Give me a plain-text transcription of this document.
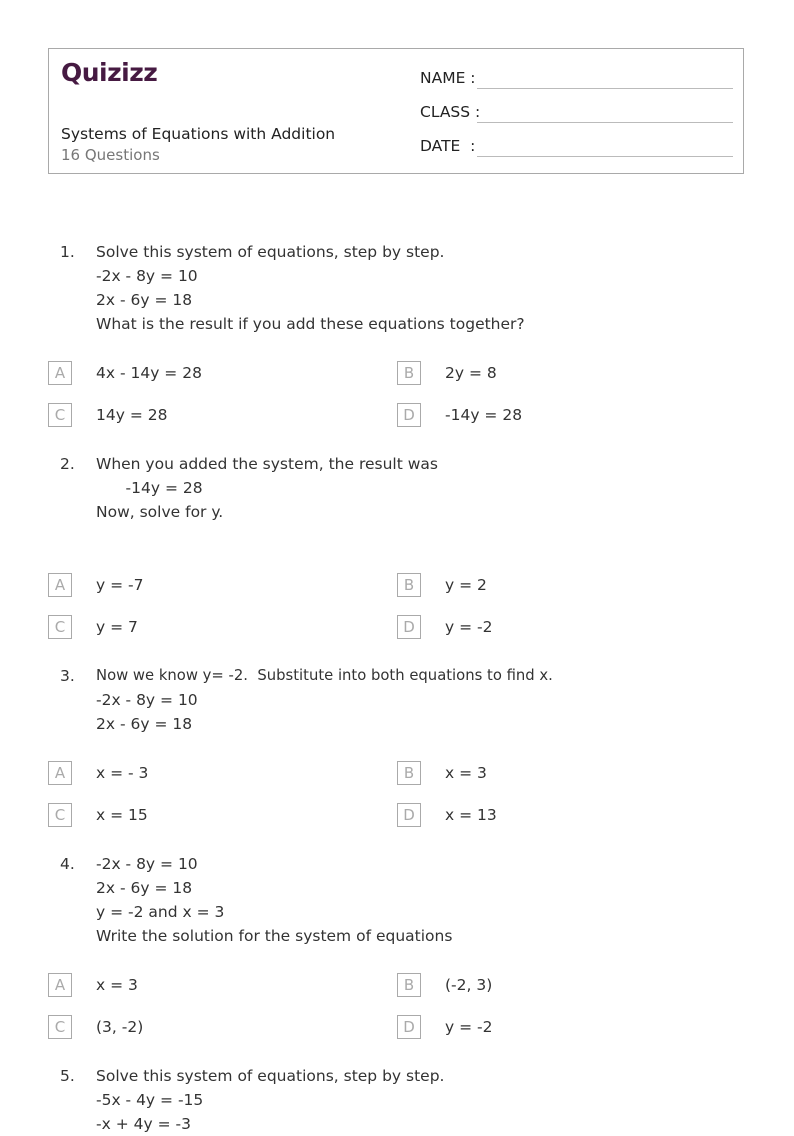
Quizizz
Systems of Equations with Addition
16 Questions
NAME :
CLASS :
DATE  :
1. Solve this system of equations, step by step.
-2x - 8y = 10
2x - 6y = 18
What is the result if you add these equations together?
A	4x - 14y = 28	B	2y = 8
C	14y = 28	D	-14y = 28
2. When you added the system, the result was
-14y = 28
Now, solve for y.
A	y = -7	B	y = 2
C	y = 7	D	y = -2
3. Now we know y= -2.  Substitute into both equations to find x.
-2x - 8y = 10
2x - 6y = 18
A	x = - 3	B	x = 3
C	x = 15	D	x = 13
4. -2x - 8y = 10
2x - 6y = 18
y = -2 and x = 3
Write the solution for the system of equations
A	x = 3	B	(-2, 3)
C	(3, -2)	D	y = -2
5. Solve this system of equations, step by step.
-5x - 4y = -15
-x + 4y = -3
